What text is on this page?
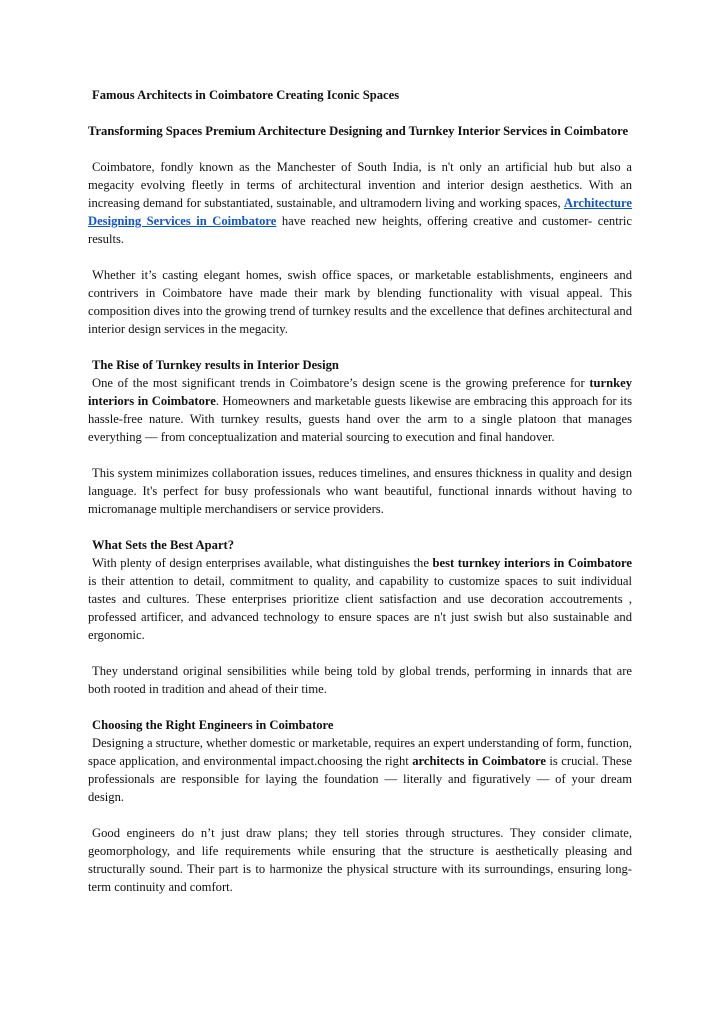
Famous Architects in Coimbatore Creating Iconic Spaces

Transforming Spaces Premium Architecture Designing and Turnkey Interior Services in Coimbatore

Coimbatore, fondly known as the Manchester of South India, is n't only an artificial hub but also a megacity evolving fleetly in terms of architectural invention and interior design aesthetics. With an increasing demand for substantiated, sustainable, and ultramodern living and working spaces, Architecture Designing Services in Coimbatore have reached new heights, offering creative and customer- centric results.

Whether it’s casting elegant homes, swish office spaces, or marketable establishments, engineers and contrivers in Coimbatore have made their mark by blending functionality with visual appeal. This composition dives into the growing trend of turnkey results and the excellence that defines architectural and interior design services in the megacity.

The Rise of Turnkey results in Interior Design

One of the most significant trends in Coimbatore’s design scene is the growing preference for turnkey interiors in Coimbatore. Homeowners and marketable guests likewise are embracing this approach for its hassle-free nature. With turnkey results, guests hand over the arm to a single platoon that manages everything — from conceptualization and material sourcing to execution and final handover.

This system minimizes collaboration issues, reduces timelines, and ensures thickness in quality and design language. It's perfect for busy professionals who want beautiful, functional innards without having to micromanage multiple merchandisers or service providers.

What Sets the Best Apart?

With plenty of design enterprises available, what distinguishes the best turnkey interiors in Coimbatore is their attention to detail, commitment to quality, and capability to customize spaces to suit individual tastes and cultures. These enterprises prioritize client satisfaction and use decoration accoutrements , professed artificer, and advanced technology to ensure spaces are n't just swish but also sustainable and ergonomic.

They understand original sensibilities while being told by global trends, performing in innards that are both rooted in tradition and ahead of their time.

Choosing the Right Engineers in Coimbatore

Designing a structure, whether domestic or marketable, requires an expert understanding of form, function, space application, and environmental impact.choosing the right architects in Coimbatore is crucial. These professionals are responsible for laying the foundation — literally and figuratively — of your dream design.

Good engineers do n’t just draw plans; they tell stories through structures. They consider climate, geomorphology, and life requirements while ensuring that the structure is aesthetically pleasing and structurally sound. Their part is to harmonize the physical structure with its surroundings, ensuring long- term continuity and comfort.
